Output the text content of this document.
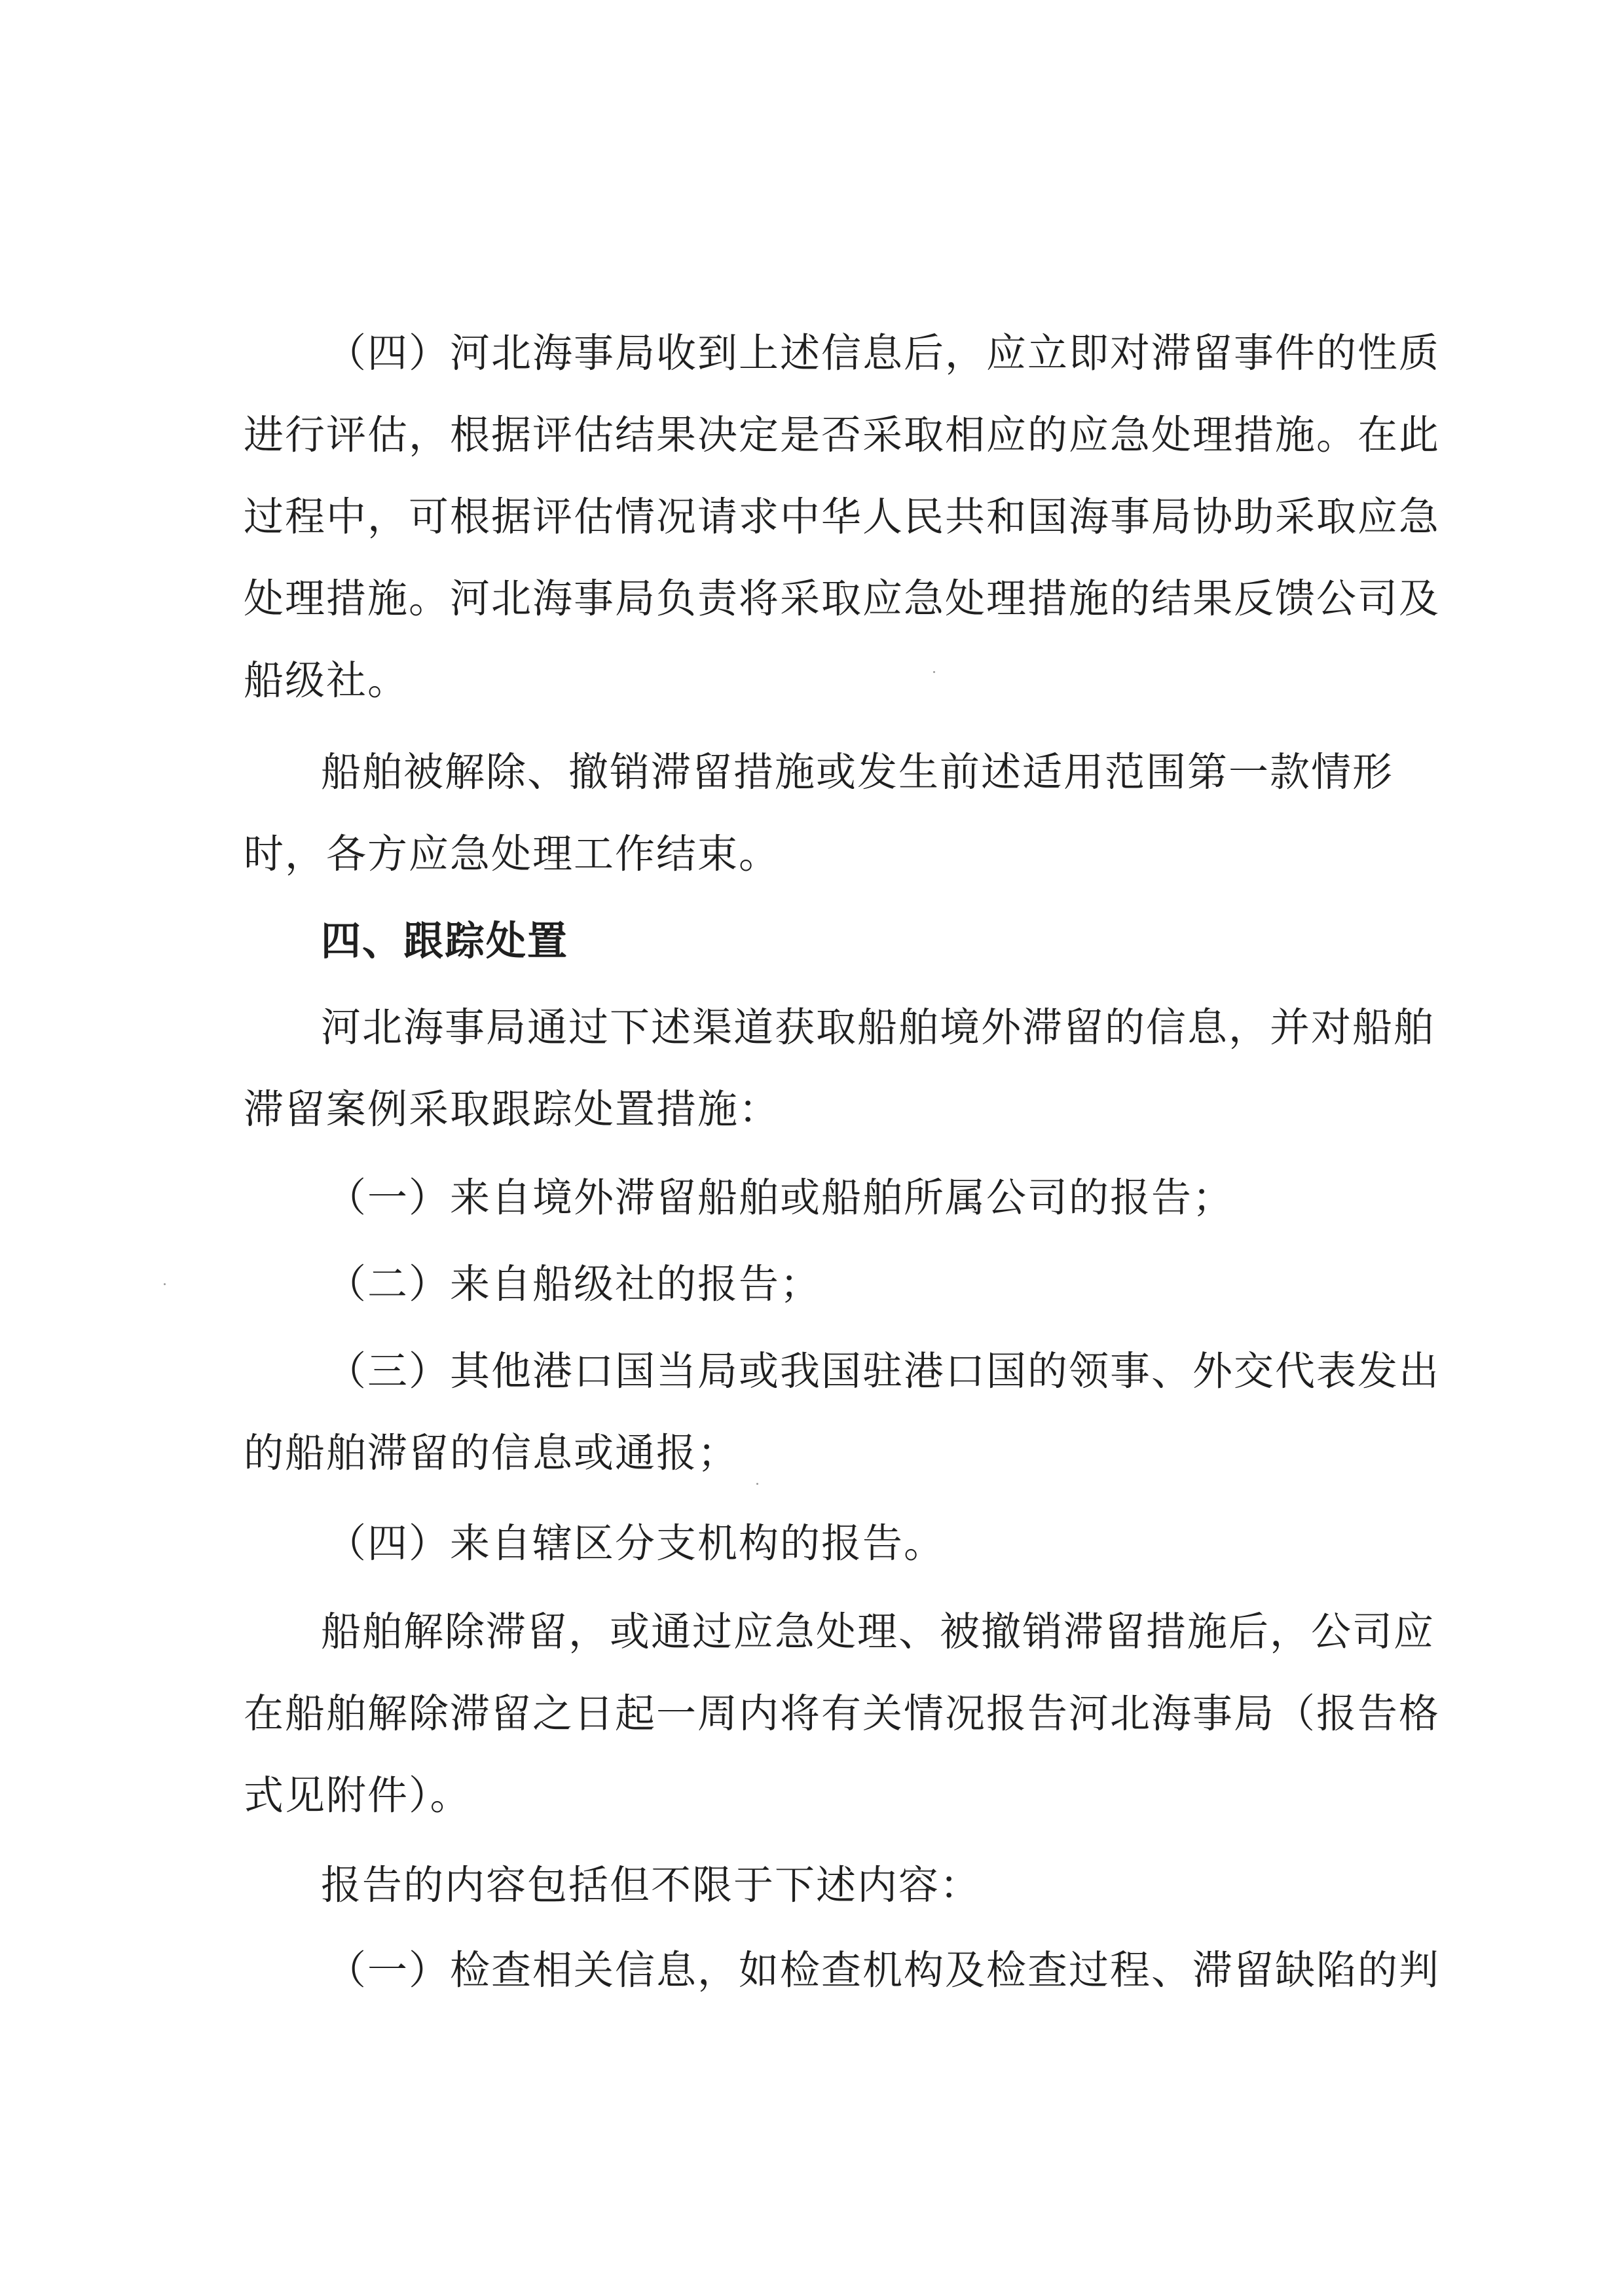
（四）河北海事局收到上述信息后，应立即对滞留事件的性质
进行评估，根据评估结果决定是否采取相应的应急处理措施。在此
过程中，可根据评估情况请求中华人民共和国海事局协助采取应急
处理措施。河北海事局负责将采取应急处理措施的结果反馈公司及
船级社。
船舶被解除、撤销滞留措施或发生前述适用范围第一款情形
时，各方应急处理工作结束。
四、跟踪处置
河北海事局通过下述渠道获取船舶境外滞留的信息，并对船舶
滞留案例采取跟踪处置措施：
（一）来自境外滞留船舶或船舶所属公司的报告；
（二）来自船级社的报告；
（三）其他港口国当局或我国驻港口国的领事、外交代表发出
的船舶滞留的信息或通报；
（四）来自辖区分支机构的报告。
船舶解除滞留，或通过应急处理、被撤销滞留措施后，公司应
在船舶解除滞留之日起一周内将有关情况报告河北海事局（报告格
式见附件）。
报告的内容包括但不限于下述内容：
（一）检查相关信息，如检查机构及检查过程、滞留缺陷的判
